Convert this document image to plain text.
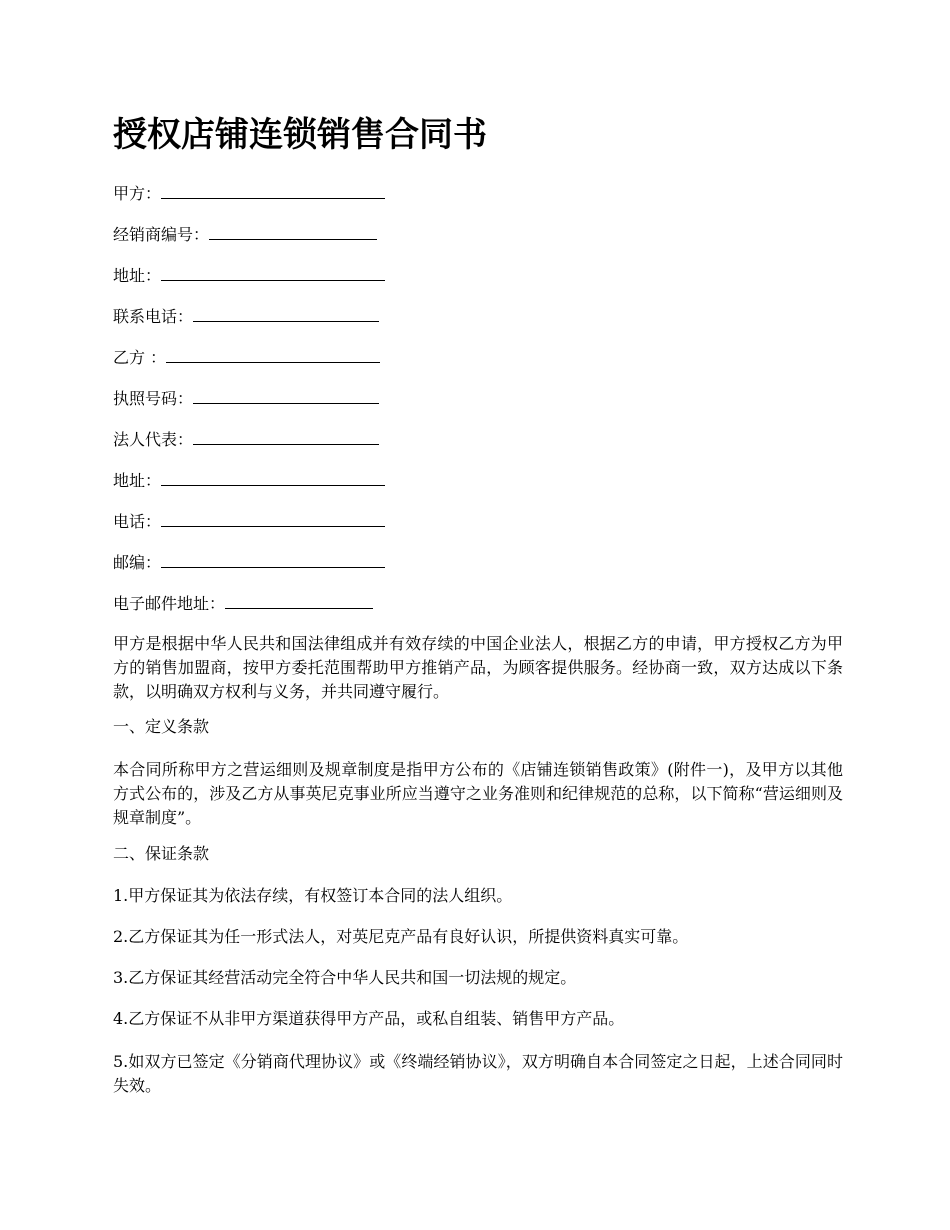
授权店铺连锁销售合同书
甲方：
经销商编号：
地址：
联系电话：
乙方 ：
执照号码：
法人代表：
地址：
电话：
邮编：
电子邮件地址：

甲方是根据中华人民共和国法律组成并有效存续的中国企业法人，根据乙方的申请，甲方授权乙方为甲方的销售加盟商，按甲方委托范围帮助甲方推销产品，为顾客提供服务。经协商一致，双方达成以下条款，以明确双方权利与义务，并共同遵守履行。

一、定义条款

本合同所称甲方之营运细则及规章制度是指甲方公布的《店铺连锁销售政策》(附件一)，及甲方以其他方式公布的，涉及乙方从事英尼克事业所应当遵守之业务准则和纪律规范的总称，以下简称“营运细则及规章制度”。

二、保证条款

1.甲方保证其为依法存续，有权签订本合同的法人组织。

2.乙方保证其为任一形式法人，对英尼克产品有良好认识，所提供资料真实可靠。

3.乙方保证其经营活动完全符合中华人民共和国一切法规的规定。

4.乙方保证不从非甲方渠道获得甲方产品，或私自组装、销售甲方产品。

5.如双方已签定《分销商代理协议》或《终端经销协议》，双方明确自本合同签定之日起，上述合同同时失效。
